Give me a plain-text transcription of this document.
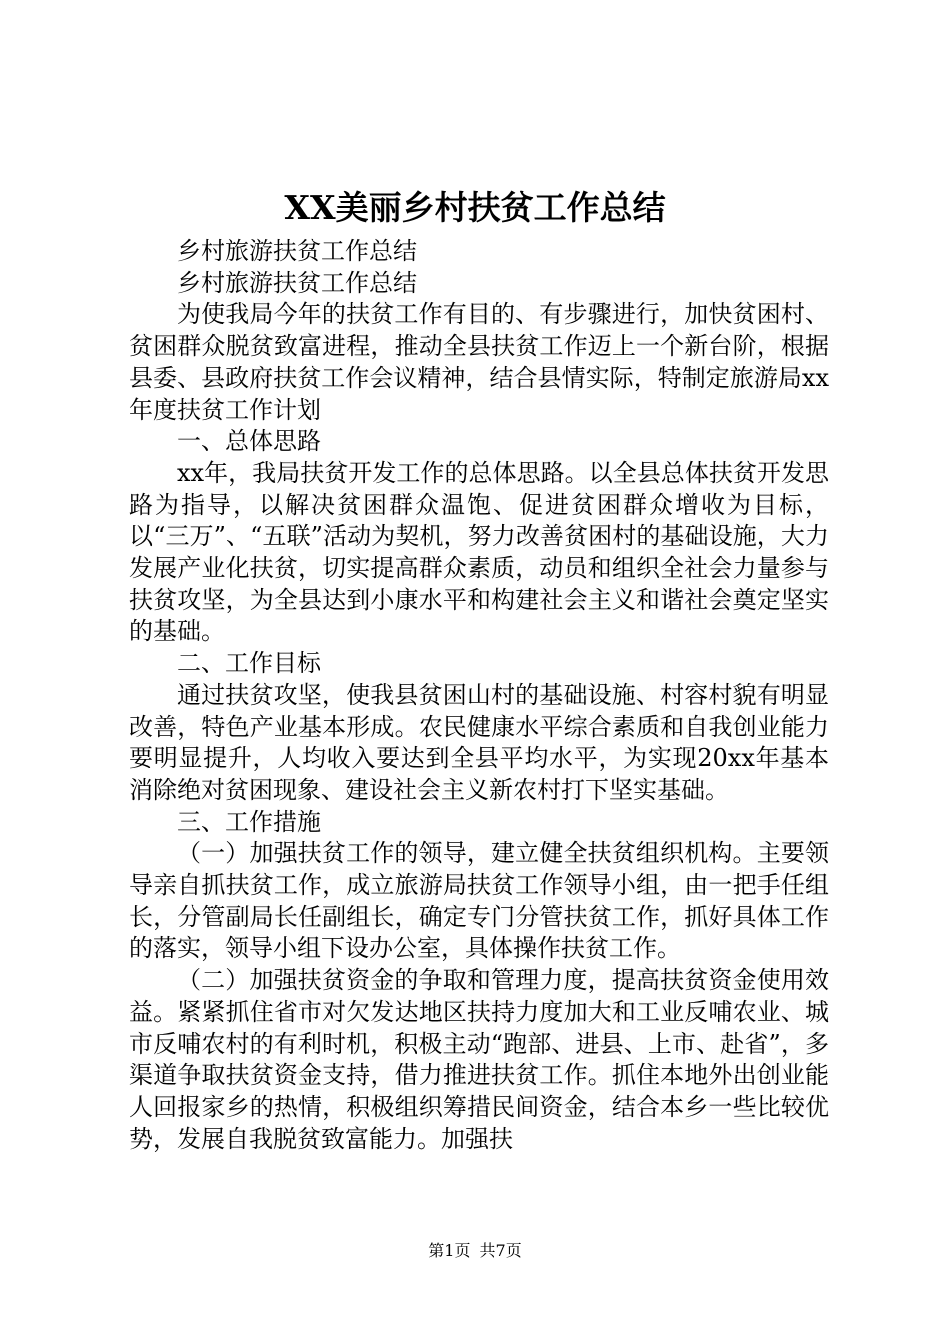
XX美丽乡村扶贫工作总结

乡村旅游扶贫工作总结

乡村旅游扶贫工作总结

为使我局今年的扶贫工作有目的、有步骤进行，加快贫困村、贫困群众脱贫致富进程，推动全县扶贫工作迈上一个新台阶，根据县委、县政府扶贫工作会议精神，结合县情实际，特制定旅游局xx年度扶贫工作计划

一、总体思路

xx年，我局扶贫开发工作的总体思路。以全县总体扶贫开发思路为指导，以解决贫困群众温饱、促进贫困群众增收为目标，以“三万”、“五联”活动为契机，努力改善贫困村的基础设施，大力发展产业化扶贫，切实提高群众素质，动员和组织全社会力量参与扶贫攻坚，为全县达到小康水平和构建社会主义和谐社会奠定坚实的基础。

二、工作目标

通过扶贫攻坚，使我县贫困山村的基础设施、村容村貌有明显改善，特色产业基本形成。农民健康水平综合素质和自我创业能力要明显提升，人均收入要达到全县平均水平，为实现20xx年基本消除绝对贫困现象、建设社会主义新农村打下坚实基础。

三、工作措施

（一）加强扶贫工作的领导，建立健全扶贫组织机构。主要领导亲自抓扶贫工作，成立旅游局扶贫工作领导小组，由一把手任组长，分管副局长任副组长，确定专门分管扶贫工作，抓好具体工作的落实，领导小组下设办公室，具体操作扶贫工作。

（二）加强扶贫资金的争取和管理力度，提高扶贫资金使用效益。紧紧抓住省市对欠发达地区扶持力度加大和工业反哺农业、城市反哺农村的有利时机，积极主动“跑部、进县、上市、赴省”，多渠道争取扶贫资金支持，借力推进扶贫工作。抓住本地外出创业能人回报家乡的热情，积极组织筹措民间资金，结合本乡一些比较优势，发展自我脱贫致富能力。加强扶

第1页 共7页
